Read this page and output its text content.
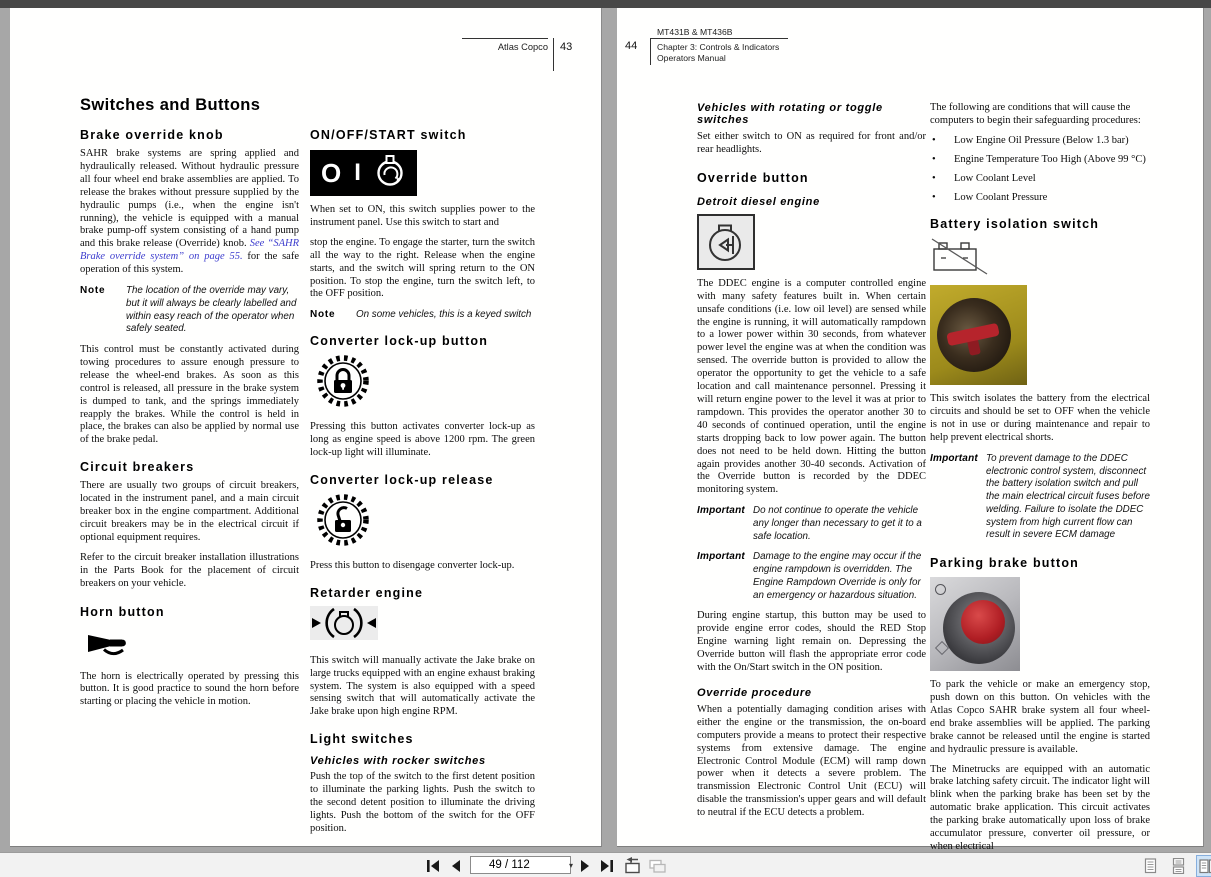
Atlas Copco 43
Switches and Buttons
Brake override knob
SAHR brake systems are spring applied and hydraulically released. Without hydraulic pressure all four wheel end brake assemblies are applied. To release the brakes without pressure supplied by the hydraulic pumps (i.e., when the engine isn't running), the vehicle is equipped with a manual brake pump-off system consisting of a hand pump and this brake release (Override) knob. See “SAHR Brake override system” on page 55. for the safe operation of this system.
Note	The location of the override may vary, but it will always be clearly labelled and within easy reach of the operator when safely seated.
This control must be constantly activated during towing procedures to assure enough pressure to release the wheel-end brakes. As soon as this control is released, all pressure in the brake system is dumped to tank, and the springs immediately reapply the brakes. While the control is held in place, the brakes can also be applied by normal use of the brake pedal.
Circuit breakers
There are usually two groups of circuit breakers, located in the instrument panel, and a main circuit breaker box in the engine compartment. Additional circuit breakers may be in the electrical circuit if optional equipment requires.
Refer to the circuit breaker installation illustrations in the Parts Book for the placement of circuit breakers on your vehicle.
Horn button
The horn is electrically operated by pressing this button. It is good practice to sound the horn before starting or placing the vehicle in motion.
ON/OFF/START switch
O I
When set to ON, this switch supplies power to the instrument panel. Use this switch to start and
stop the engine. To engage the starter, turn the switch all the way to the right. Release when the engine starts, and the switch will spring return to the ON position. To stop the engine, turn the switch left, to the OFF position.
Note	On some vehicles, this is a keyed switch
Converter lock-up button
Pressing this button activates converter lock-up as long as engine speed is above 1200 rpm. The green lock-up light will illuminate.
Converter lock-up release
Press this button to disengage converter lock-up.
Retarder engine
This switch will manually activate the Jake brake on large trucks equipped with an engine exhaust braking system. The system is also equipped with a speed sensing switch that will automatically activate the Jake brake upon high engine RPM.
Light switches
Vehicles with rocker switches
Push the top of the switch to the first detent position to illuminate the parking lights. Push the switch to the second detent position to illuminate the driving lights. Push the bottom of the switch for the OFF position.
44
MT431B & MT436B
Chapter 3: Controls & Indicators
Operators Manual
Vehicles with rotating or toggle switches
Set either switch to ON as required for front and/or rear headlights.
Override button
Detroit diesel engine
The DDEC engine is a computer controlled engine with many safety features built in. When certain unsafe conditions (i.e. low oil level) are sensed while the engine is running, it will automatically rampdown to a lower power within 30 seconds, from whatever power level the engine was at when the condition was sensed. The override button is provided to allow the operator the opportunity to get the vehicle to a safe location and call maintenance personnel. Pressing it will return engine power to the level it was at prior to rampdown. This provides the operator another 30 to 40 seconds of continued operation, until the engine starts dropping back to low power again. The button does not need to be held down. Hitting the button again provides another 30-40 seconds. Activation of the Override button is recorded by the DDEC monitoring system.
Important Do not continue to operate the vehicle any longer than necessary to get it to a safe location.
Important Damage to the engine may occur if the engine rampdown is overridden. The Engine Rampdown Override is only for an emergency or hazardous situation.
During engine startup, this button may be used to provide engine error codes, should the RED Stop Engine warning light remain on. Depressing the Override button will flash the appropriate error code with the On/Start switch in the ON position.
Override procedure
When a potentially damaging condition arises with either the engine or the transmission, the on-board computers provide a means to protect their respective systems from extensive damage. The engine Electronic Control Module (ECM) will ramp down power when it detects a severe problem. The transmission Electronic Control Unit (ECU) will disable the transmission's upper gears and will default to neutral if the ECU detects a problem.
The following are conditions that will cause the computers to begin their safeguarding procedures:
•	Low Engine Oil Pressure (Below 1.3 bar)
•	Engine Temperature Too High (Above 99 °C)
•	Low Coolant Level
•	Low Coolant Pressure
Battery isolation switch
This switch isolates the battery from the electrical circuits and should be set to OFF when the vehicle is not in use or during maintenance and repair to help prevent electrical shorts.
Important To prevent damage to the DDEC electronic control system, disconnect the battery isolation switch and pull the main electrical circuit fuses before welding. Failure to isolate the DDEC system from high current flow can result in severe ECM damage
Parking brake button
To park the vehicle or make an emergency stop, push down on this button. On vehicles with the Atlas Copco SAHR brake system all four wheel-end brake assemblies will be applied. The parking brake cannot be released until the engine is started and hydraulic pressure is available.
The Minetrucks are equipped with an automatic brake latching safety circuit. The indicator light will blink when the parking brake has been set by the automatic brake application. This circuit activates the parking brake automatically upon loss of brake accumulator pressure, converter oil pressure, or when electrical
49 / 112
▾
